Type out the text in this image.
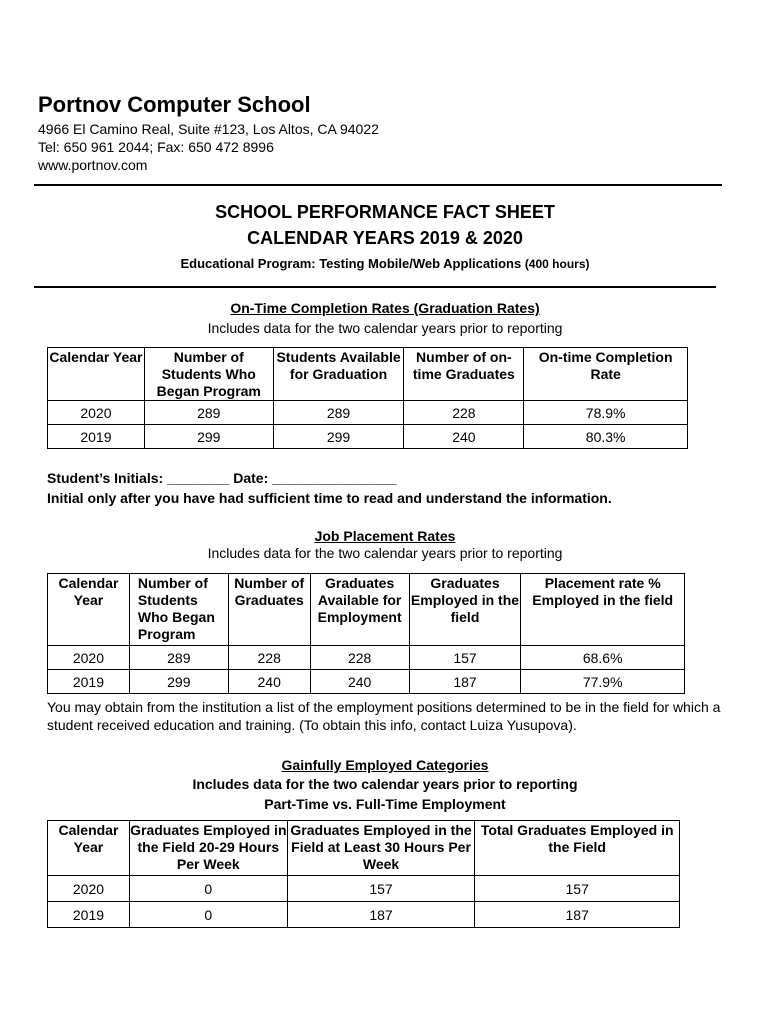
Portnov Computer School
4966 El Camino Real, Suite #123, Los Altos, CA 94022
Tel: 650 961 2044; Fax: 650 472 8996
www.portnov.com
SCHOOL PERFORMANCE FACT SHEET
CALENDAR YEARS 2019 & 2020
Educational Program: Testing Mobile/Web Applications (400 hours)
On-Time Completion Rates (Graduation Rates)
Includes data for the two calendar years prior to reporting
Calendar Year	Number of Students Who Began Program	Students Available for Graduation	Number of on-time Graduates	On-time Completion Rate
2020	289	289	228	78.9%
2019	299	299	240	80.3%
Student’s Initials: ________ Date: ________________
Initial only after you have had sufficient time to read and understand the information.
Job Placement Rates
Includes data for the two calendar years prior to reporting
Calendar Year	Number of Students Who Began Program	Number of Graduates	Graduates Available for Employment	Graduates Employed in the field	Placement rate % Employed in the field
2020	289	228	228	157	68.6%
2019	299	240	240	187	77.9%
You may obtain from the institution a list of the employment positions determined to be in the field for which a student received education and training. (To obtain this info, contact Luiza Yusupova).
Gainfully Employed Categories
Includes data for the two calendar years prior to reporting
Part-Time vs. Full-Time Employment
Calendar Year	Graduates Employed in the Field 20-29 Hours Per Week	Graduates Employed in the Field at Least 30 Hours Per Week	Total Graduates Employed in the Field
2020	0	157	157
2019	0	187	187
